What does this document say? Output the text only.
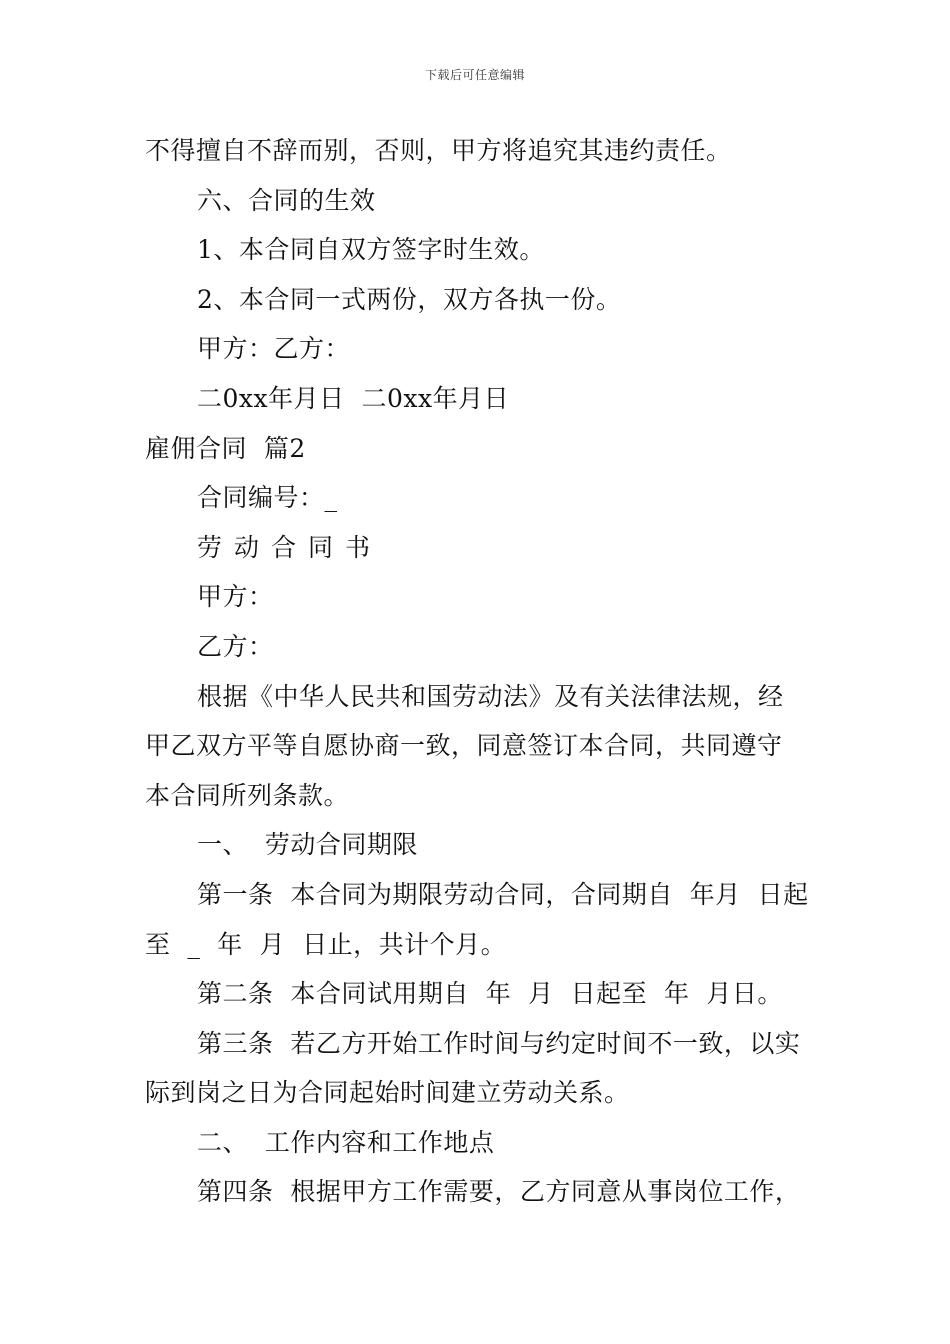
下载后可任意编辑
不得擅自不辞而别，否则，甲方将追究其违约责任。
六、合同的生效
1、本合同自双方签字时生效。
2、本合同一式两份，双方各执一份。
甲方：乙方：
二0xx年月日  二0xx年月日
雇佣合同  篇2
合同编号：_
劳动合同书
甲方：
乙方：
根据《中华人民共和国劳动法》及有关法律法规，经
甲乙双方平等自愿协商一致，同意签订本合同，共同遵守
本合同所列条款。
一、  劳动合同期限
第一条  本合同为期限劳动合同，合同期自  年月  日起
至  _  年  月  日止，共计个月。
第二条  本合同试用期自  年  月  日起至  年  月日。
第三条  若乙方开始工作时间与约定时间不一致，以实
际到岗之日为合同起始时间建立劳动关系。
二、  工作内容和工作地点
第四条  根据甲方工作需要，乙方同意从事岗位工作，
